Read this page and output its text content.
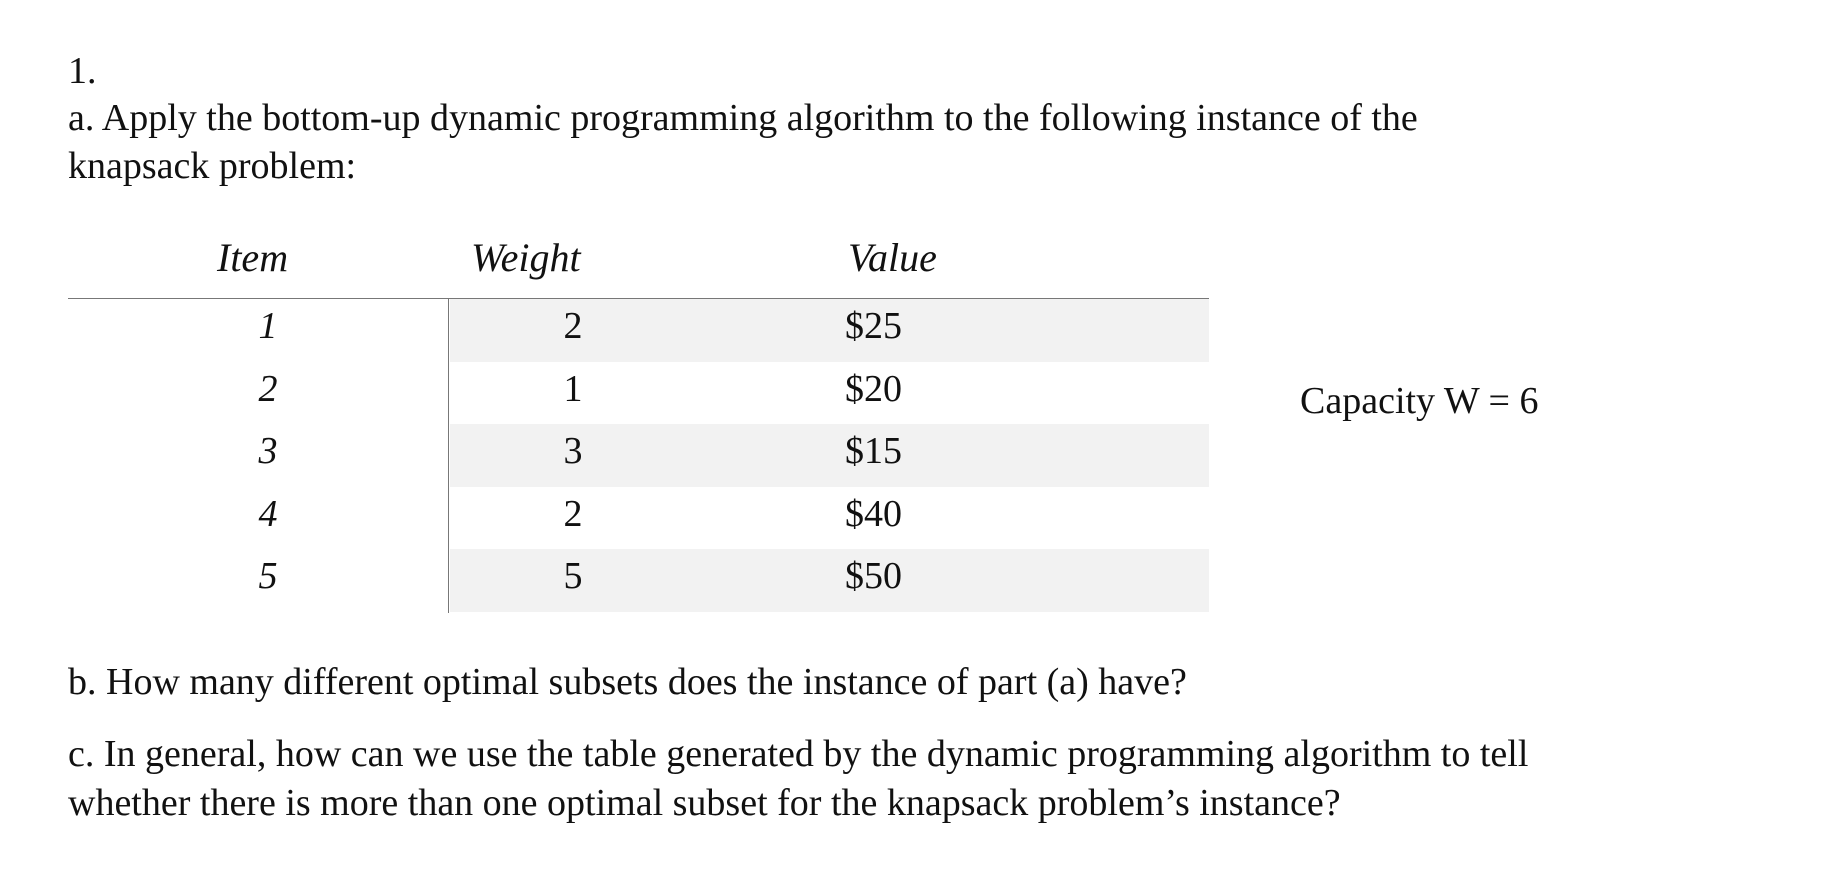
1.
a. Apply the bottom-up dynamic programming algorithm to the following instance of the
knapsack problem:
Item	Weight	Value
1	2	$25
2	1	$20
3	3	$15
4	2	$40
5	5	$50
Capacity W = 6
b. How many different optimal subsets does the instance of part (a) have?
c. In general, how can we use the table generated by the dynamic programming algorithm to tell
whether there is more than one optimal subset for the knapsack problem’s instance?
